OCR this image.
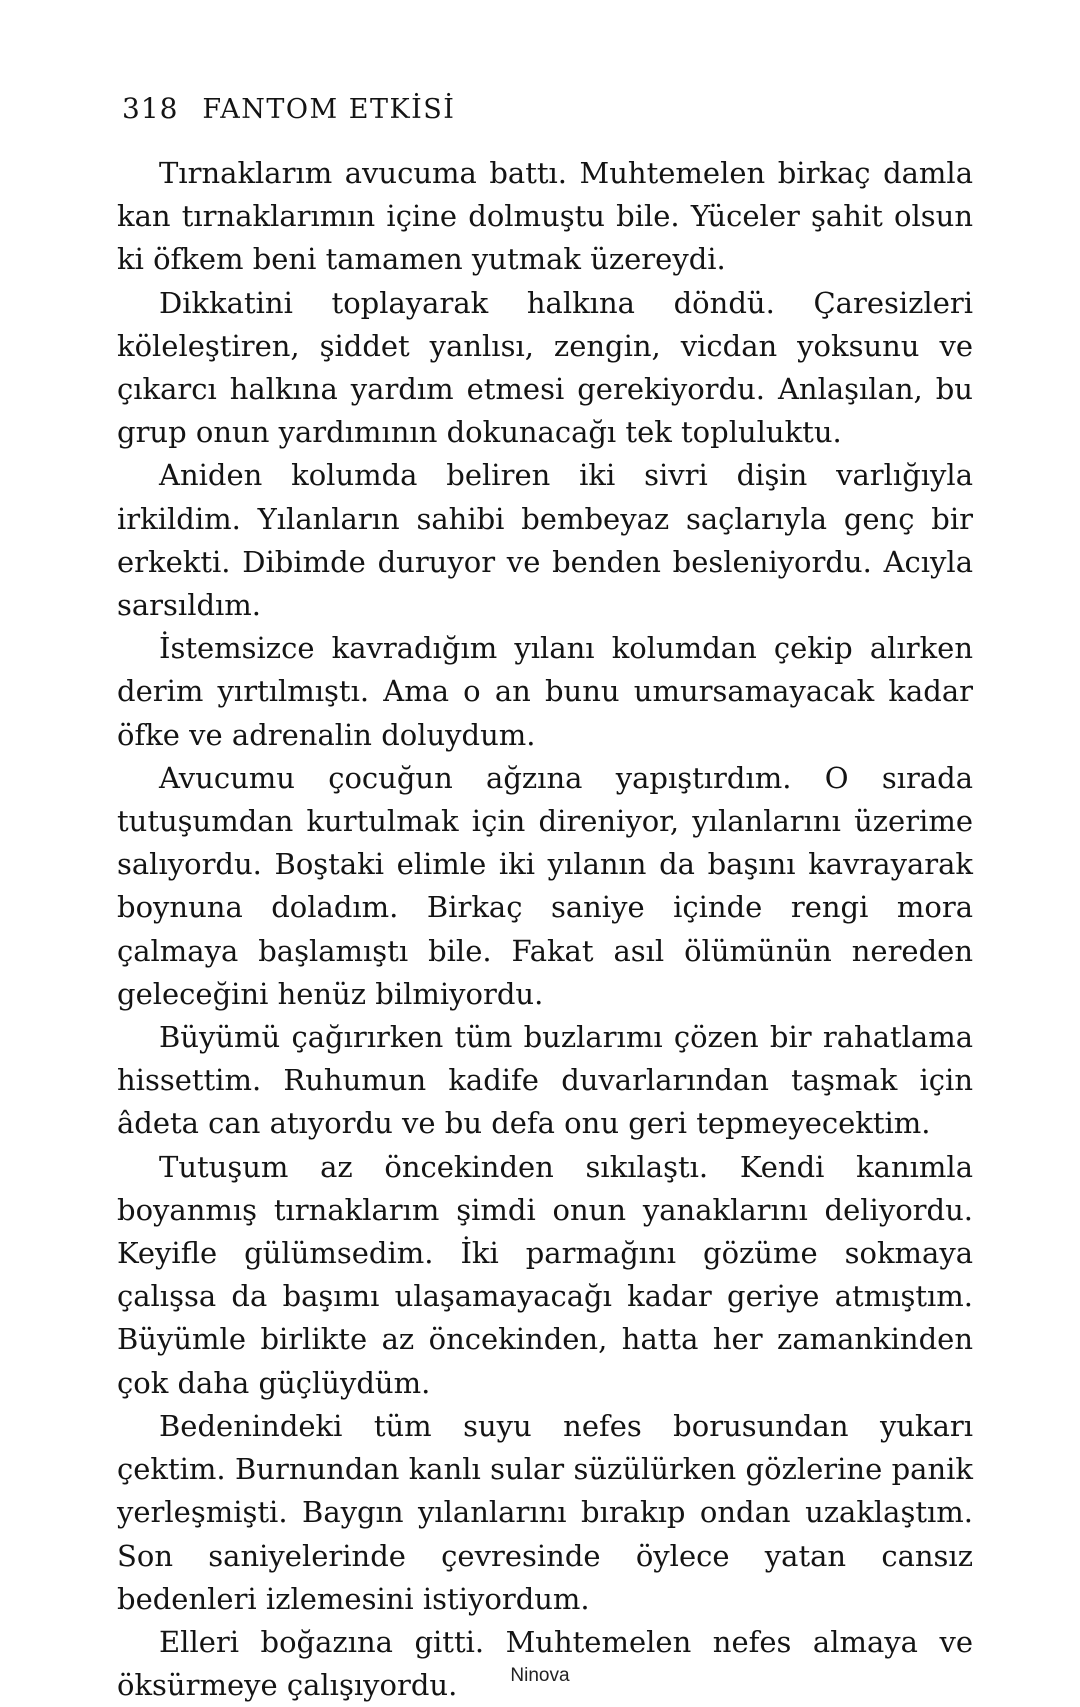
318 FANTOM ETKİSİ

Tırnaklarım avucuma battı. Muhtemelen birkaç damla kan tırnaklarımın içine dolmuştu bile. Yüceler şahit olsun ki öfkem beni tamamen yutmak üzereydi.

Dikkatini toplayarak halkına döndü. Çaresizleri köleleştiren, şiddet yanlısı, zengin, vicdan yoksunu ve çıkarcı halkına yardım etmesi gerekiyordu. Anlaşılan, bu grup onun yardımının dokunacağı tek topluluktu.

Aniden kolumda beliren iki sivri dişin varlığıyla irkildim. Yılanların sahibi bembeyaz saçlarıyla genç bir erkekti. Dibimde duruyor ve benden besleniyordu. Acıyla sarsıldım.

İstemsizce kavradığım yılanı kolumdan çekip alırken derim yırtılmıştı. Ama o an bunu umursamayacak kadar öfke ve adrenalin doluydum.

Avucumu çocuğun ağzına yapıştırdım. O sırada tutuşumdan kurtulmak için direniyor, yılanlarını üzerime salıyordu. Boştaki elimle iki yılanın da başını kavrayarak boynuna doladım. Birkaç saniye içinde rengi mora çalmaya başlamıştı bile. Fakat asıl ölümünün nereden geleceğini henüz bilmiyordu.

Büyümü çağırırken tüm buzlarımı çözen bir rahatlama hissettim. Ruhumun kadife duvarlarından taşmak için âdeta can atıyordu ve bu defa onu geri tepmeyecektim.

Tutuşum az öncekinden sıkılaştı. Kendi kanımla boyanmış tırnaklarım şimdi onun yanaklarını deliyordu. Keyifle gülümsedim. İki parmağını gözüme sokmaya çalışsa da başımı ulaşamayacağı kadar geriye atmıştım. Büyümle birlikte az öncekinden, hatta her zamankinden çok daha güçlüydüm.

Bedenindeki tüm suyu nefes borusundan yukarı çektim. Burnundan kanlı sular süzülürken gözlerine panik yerleşmişti. Baygın yılanlarını bırakıp ondan uzaklaştım. Son saniyelerinde çevresinde öylece yatan cansız bedenleri izlemesini istiyordum.

Elleri boğazına gitti. Muhtemelen nefes almaya ve öksürmeye çalışıyordu.	Ninova
